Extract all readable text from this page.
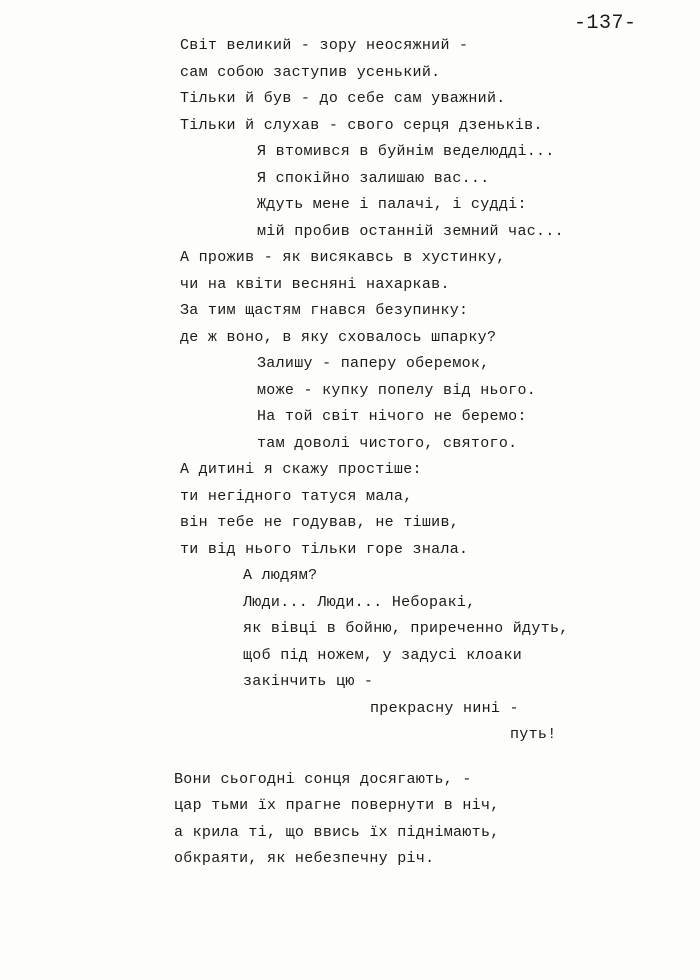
-137-
Світ великий - зору неосяжний -
сам собою заступив усенький.
Тільки й був - до себе сам уважний.
Тільки й слухав - свого серця дзеньків.
Я втомився в буйнім веделюдді...
Я спокійно залишаю вас...
Ждуть мене і палачі, і судді:
мій пробив останній земний час...
А прожив - як висякавсь в хустинку,
чи на квіти весняні нахаркав.
За тим щастям гнався безупинку:
де ж воно, в яку сховалось шпарку?
Залишу - паперу оберемок,
може - купку попелу від нього.
На той світ нічого не беремо:
там доволі чистого, святого.
А дитині я скажу простіше:
ти негідного татуся мала,
він тебе не годував, не тішив,
ти від нього тільки горе знала.
А людям?
Люди... Люди... Неборакі,
як вівці в бойню, приреченно йдуть,
щоб під ножем, у задусі клоаки
закінчить цю -
прекрасну нині -
путь!
Вони сьогодні сонця досягають, -
цар тьми їх прагне повернути в ніч,
а крила ті, що ввись їх піднімають,
обкраяти, як небезпечну річ.
